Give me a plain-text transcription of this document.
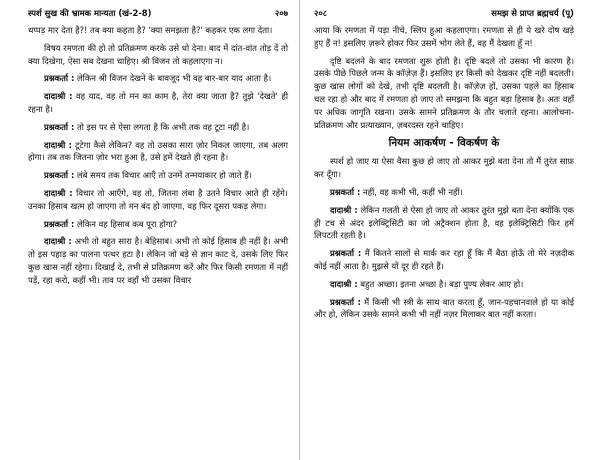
स्पर्श सुख की भ्रामक मान्यता (खं-2-8)	२०७

थप्पड़ मार देता है?! तब क्या कहता है? 'क्या समझता है?' कहकर एक लगा देता।

विषय रमणता की हो तो प्रतिक्रमण करके उसे धो देना। बाद में दांत-वांत तोड़ दें तो क्या दिखेगा, ऐसा सब देखना चाहिए। श्री विजन तो कहलाएगा न।

प्रश्नकर्ता : लेकिन श्री विजन देखने के बावजूद भी वह बार-बार याद आता है।

दादाश्री : वह याद, वह तो मन का काम है, तेरा क्या जाता है? तुझे 'देखते' ही रहना है।

प्रश्नकर्ता : तो इस पर से ऐसा लगता है कि अभी तक वह टूटा नहीं है।

दादाश्री : टूटेगा कैसे लेकिन? वह तो उसका सारा ज़ोर निकल जाएगा, तब अलग होगा। तब तक जितना ज़ोर भरा हुआ है, उसे हमें देखते ही रहना है।

प्रश्नकर्ता : लंबे समय तक विचार आएँ तो उनमें तन्मयाकार हो जाते हैं।

दादाश्री : विचार तो आएँगे, वह तो, जितना लंबा है उतने विचार आते ही रहेंगे। उनका हिसाब खत्म हो जाएगा तो मन बंद हो जाएगा, वह फिर दूसरा पकड़ लेगा।

प्रश्नकर्ता : लेकिन वह हिसाब कब पूरा होगा?

दादाश्री : अभी तो बहुत सारा है। बेहिसाब। अभी तो कोई हिसाब ही नहीं है। अभी तो इस पहाड़ का पालना पत्थर हटा है। लेकिन जो बड़े से ज्ञान काट दे, उसके लिए फिर कुछ खास नहीं रहेगा। दिखाई दे, तभी से प्रतिक्रमण करें और फिर किसी रमणता में नहीं पड़ें, रहा करो, कहीं भी। ताव पर वहाँ भी उसका विचार

२०८	समझ से प्राप्त ब्रह्मचर्य (पू)

आया कि रमणता में पड़ा नीचे, स्लिप हुआ कहलाएगा। रमणता से ही ये खरे दोष खड़े हुए हैं न! इसलिए ज़रूरे होकर फिर उसमें भोग लेते हैं, वह मैं देखता हूँ न!

दृष्टि बदलने के बाद रमणता शुरू होती है। दृष्टि बदले तो उसका भी कारण है। उसके पीछे पिछले जन्म के कॉज़ेज़ हैं। इसलिए हर किसी को देखकर दृष्टि नहीं बदलती। कुछ खास लोगों को देखे, तभी दृष्टि बदलती है। कॉज़ेज़ हों, उसका पहले का हिसाब चल रहा हो और बाद में रमणता हो जाए तो समझना कि बहुत बड़ा हिसाब है। अतः वहाँ पर अधिक जागृति रखना। उसके सामने प्रतिक्रमण के तौर चलाते रहना। आलोचना-प्रतिक्रमण और प्रत्याख्यान, ज़बरदस्त रहने चाहिए।

नियम आकर्षण - विकर्षण के

स्पर्श हो जाए या ऐसा वैसा कुछ हो जाए तो आकर मुझे बता देना तो मैं तुरंत साफ़ कर दूँगा।

प्रश्नकर्ता : नहीं, वह कभी भी, कहीं भी नहीं।

दादाश्री : लेकिन गलती से ऐसा हो जाए तो आकर तुरंत मुझे बता देना क्योंकि एक ही टच से अंदर इलेक्ट्रिसिटी का जो अट्रैक्शन होता है, वह इलेक्ट्रिसिटी फिर हमें लिपटती रहती है।

प्रश्नकर्ता : मैं कितने सालों से मार्क कर रहा हूँ कि मैं बैठा होऊँ तो मेरे नज़दीक कोई नहीं आता है। मुझसे यों दूर ही रहते हैं।

दादाश्री : बहुत अच्छा। इतना अच्छा है। बड़ा पुण्य लेकर आए हो।

प्रश्नकर्ता : मैं किसी भी स्त्री के साथ बात करता हूँ, जान-पहचानवाले हो या कोई और हो, लेकिन उसके सामने कभी भी नहीं नज़र मिलाकर बात नहीं करता।
